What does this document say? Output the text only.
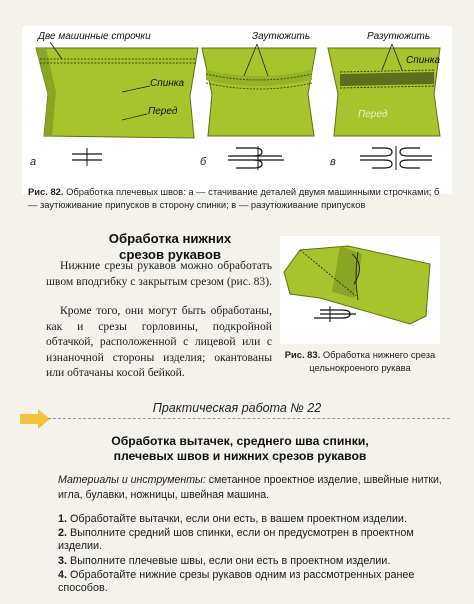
Две машинные строчки
Спинка
Перед
Заутюжить	Разутюжить
Спинка
Перед
а	б	в
Рис. 82. Обработка плечевых швов: а — стачивание деталей двумя машинными строчками; б — заутюживание припусков в сторону спинки; в — разутюживание припусков
Обработка нижних
срезов рукавов

Нижние срезы рукавов можно обработать швом вподгибку с закрытым срезом (рис. 83).

Кроме того, они могут быть обработаны, как и срезы горловины, подкройной обтачкой, расположенной с лицевой или с изнаночной стороны изделия; окантованы или обтачаны косой бейкой.

Рис. 83. Обработка нижнего среза цельнокроеного рукава
Практическая работа № 22
Обработка вытачек, среднего шва спинки,
плечевых швов и нижних срезов рукавов
Материалы и инструменты: сметанное проектное изделие, швейные нитки, игла, булавки, ножницы, швейная машина.
1. Обработайте вытачки, если они есть, в вашем проектном изделии.
2. Выполните средний шов спинки, если он предусмотрен в проектном изделии.
3. Выполните плечевые швы, если они есть в проектном изделии.
4. Обработайте нижние срезы рукавов одним из рассмотренных ранее способов.
